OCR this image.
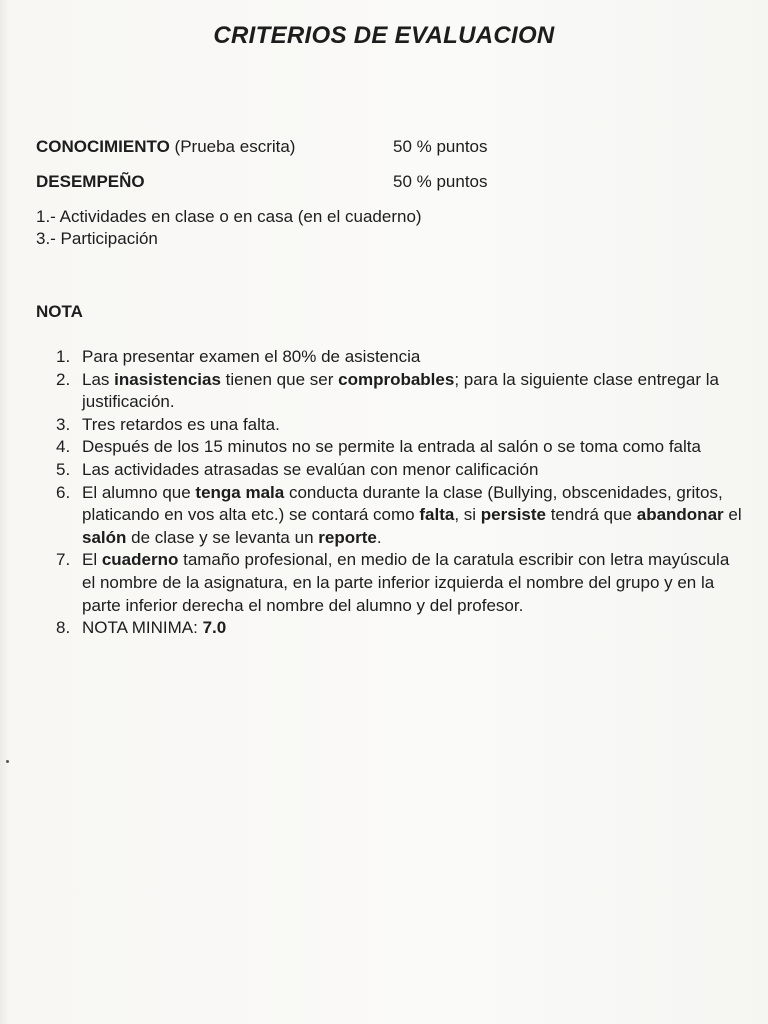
CRITERIOS DE EVALUACION
CONOCIMIENTO (Prueba escrita)	50 % puntos
DESEMPEÑO	50 % puntos
1.- Actividades en clase o en casa (en el cuaderno)
3.- Participación
NOTA
1. Para presentar examen el 80% de asistencia
2. Las inasistencias tienen que ser comprobables; para la siguiente clase entregar la justificación.
3. Tres retardos es una falta.
4. Después de los 15 minutos no se permite la entrada al salón o se toma como falta
5. Las actividades atrasadas se evalúan con menor calificación
6. El alumno que tenga mala conducta durante la clase (Bullying, obscenidades, gritos, platicando en vos alta etc.) se contará como falta, si persiste tendrá que abandonar el salón de clase y se levanta un reporte.
7. El cuaderno tamaño profesional, en medio de la caratula escribir con letra mayúscula el nombre de la asignatura, en la parte inferior izquierda el nombre del grupo y en la parte inferior derecha el nombre del alumno y del profesor.
8. NOTA MINIMA: 7.0
